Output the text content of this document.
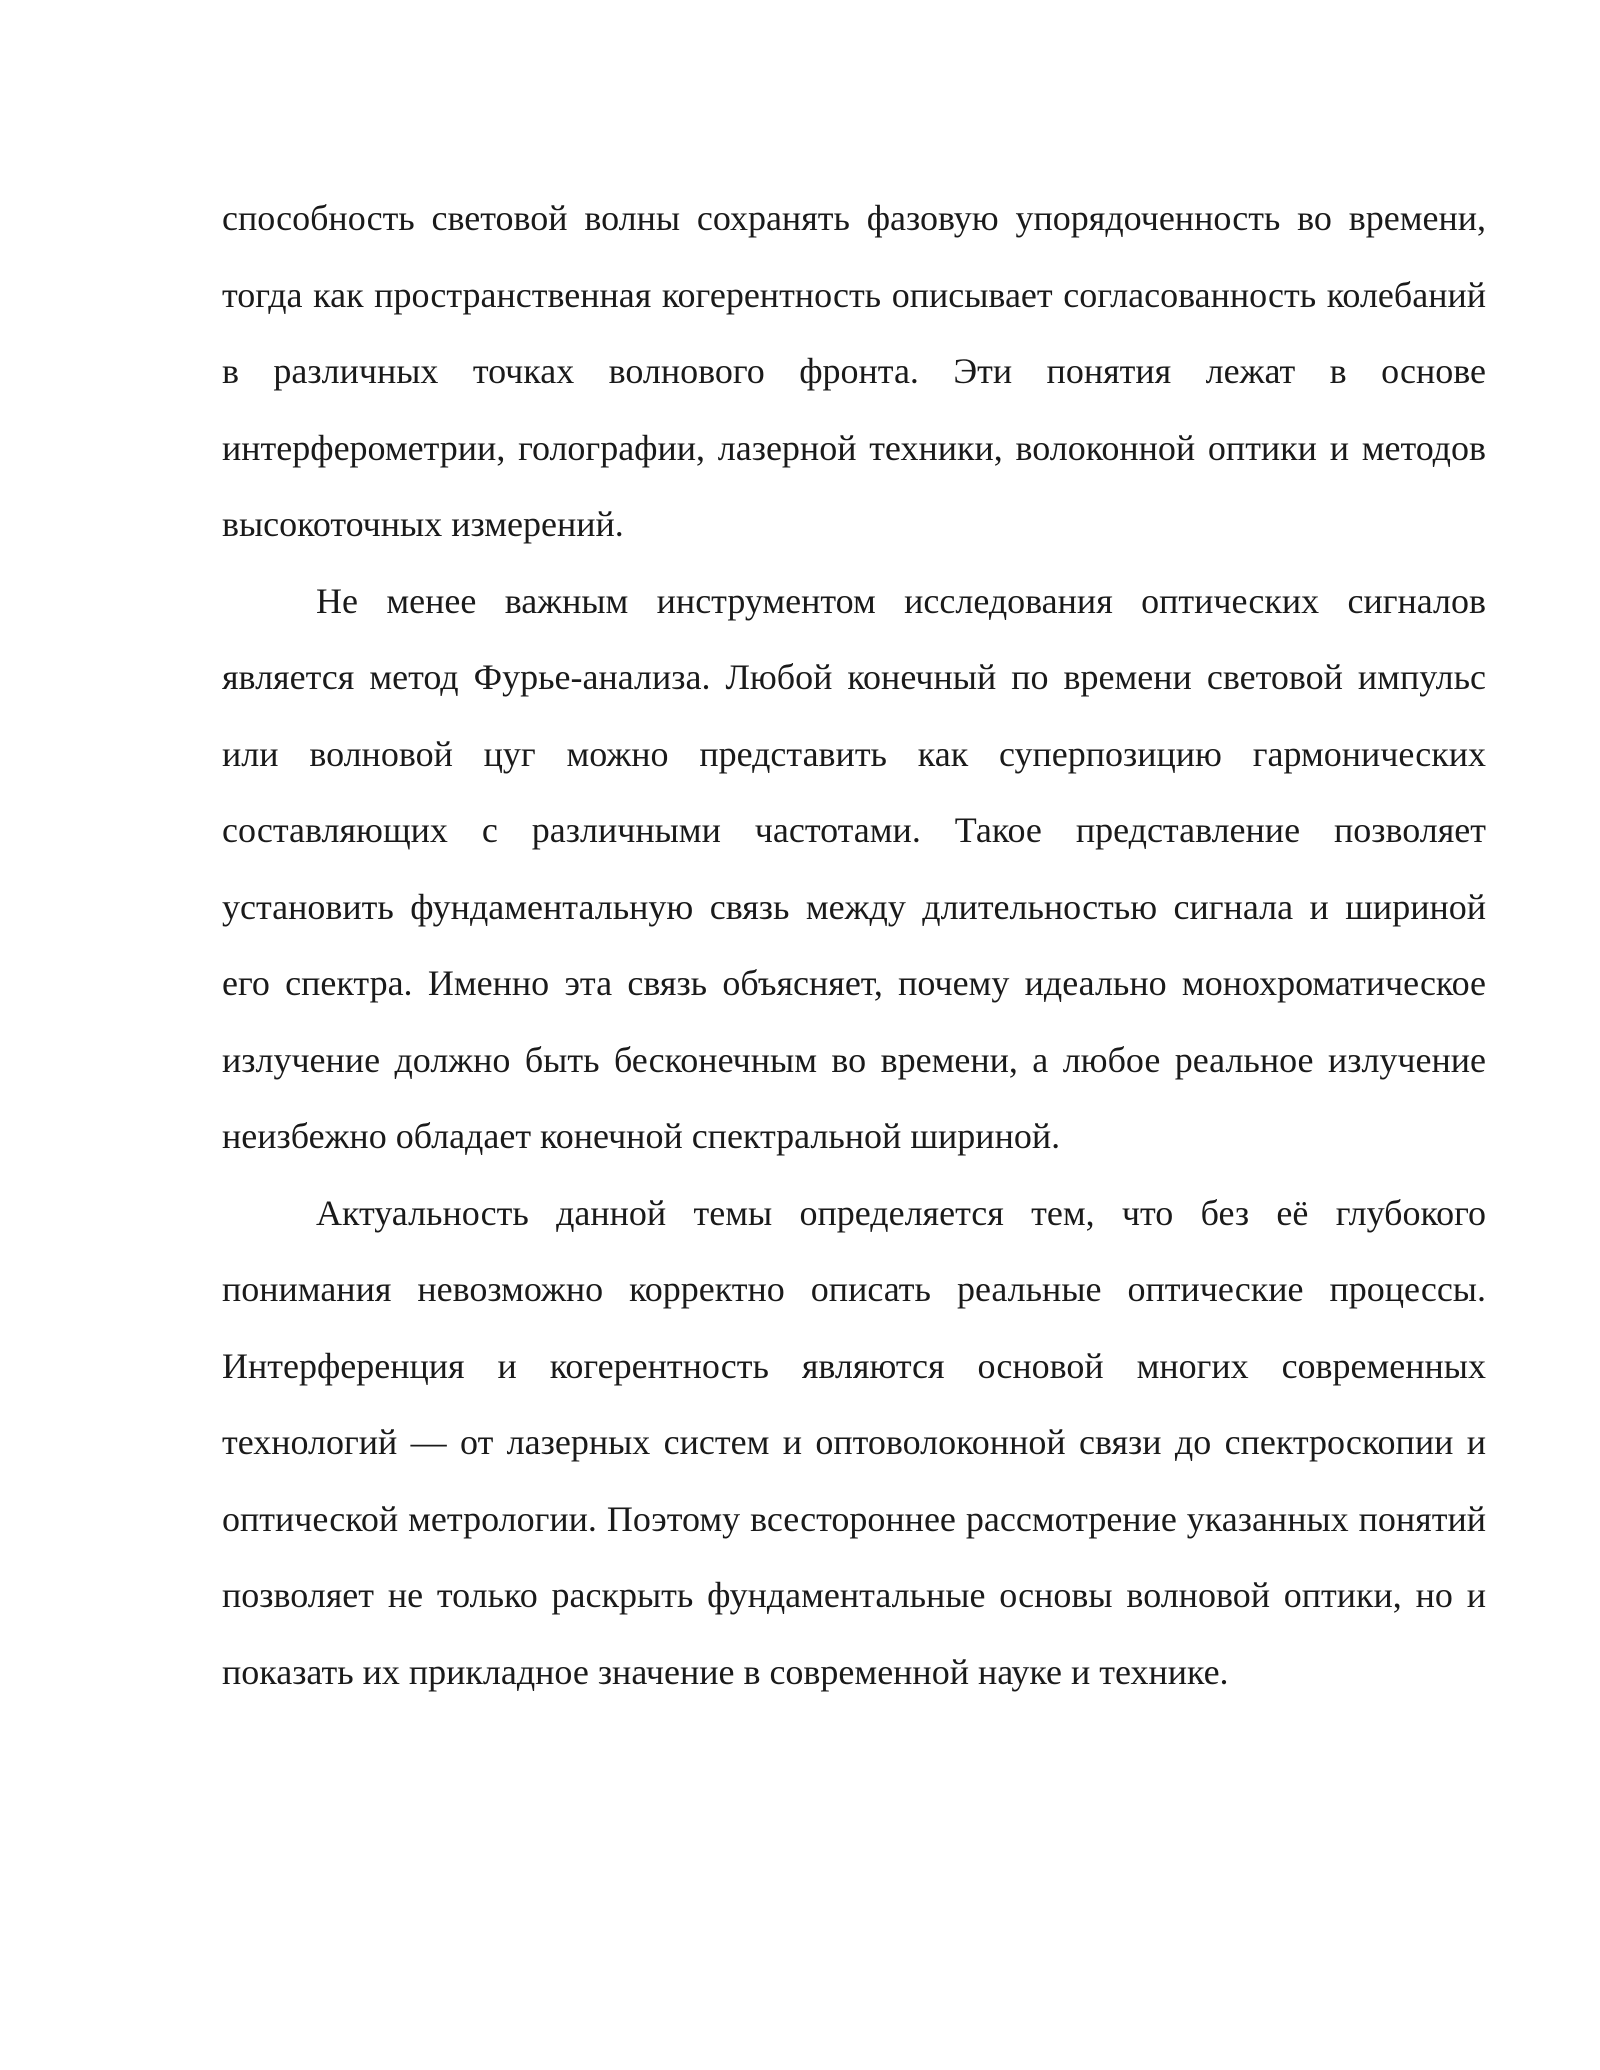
способность световой волны сохранять фазовую упорядоченность во времени, тогда как пространственная когерентность описывает согласованность колебаний в различных точках волнового фронта. Эти понятия лежат в основе интерферометрии, голографии, лазерной техники, волоконной оптики и методов высокоточных измерений.

Не менее важным инструментом исследования оптических сигналов является метод Фурье-анализа. Любой конечный по времени световой импульс или волновой цуг можно представить как суперпозицию гармонических составляющих с различными частотами. Такое представление позволяет установить фундаментальную связь между длительностью сигнала и шириной его спектра. Именно эта связь объясняет, почему идеально монохроматическое излучение должно быть бесконечным во времени, а любое реальное излучение неизбежно обладает конечной спектральной шириной.

Актуальность данной темы определяется тем, что без её глубокого понимания невозможно корректно описать реальные оптические процессы. Интерференция и когерентность являются основой многих современных технологий — от лазерных систем и оптоволоконной связи до спектроскопии и оптической метрологии. Поэтому всестороннее рассмотрение указанных понятий позволяет не только раскрыть фундаментальные основы волновой оптики, но и показать их прикладное значение в современной науке и технике.
